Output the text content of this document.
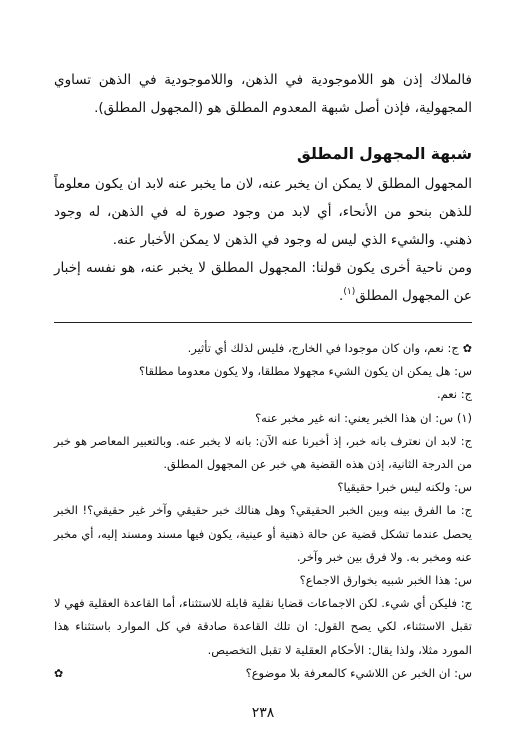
فالملاك إذن هو اللاموجودية في الذهن، واللاموجودية في الذهن تساوي المجهولية، فإذن أصل شبهة المعدوم المطلق هو (المجهول المطلق).

شبهة المجهول المطلق

المجهول المطلق لا يمكن ان يخبر عنه، لان ما يخبر عنه لابد ان يكون معلوماً للذهن بنحو من الأنحاء، أي لابد من وجود صورة له في الذهن، له وجود ذهني. والشيء الذي ليس له وجود في الذهن لا يمكن الأخبار عنه.

ومن ناحية أخرى يكون قولنا: المجهول المطلق لا يخبر عنه، هو نفسه إخبار عن المجهول المطلق$^{(١)}$.

✿ج: نعم، وان كان موجودا في الخارج، فليس لذلك أي تأثير.

س: هل يمكن ان يكون الشيء مجهولا مطلقا، ولا يكون معدوما مطلقا؟

ج: نعم.

(١) س: ان هذا الخبر يعني: انه غير مخبر عنه؟

ج: لابد ان نعترف بانه خبر، إذ أخبرنا عنه الآن: بانه لا يخبر عنه. وبالتعبير المعاصر هو خبر من الدرجة الثانية، إذن هذه القضية هي خبر عن المجهول المطلق.

س: ولكنه ليس خبرا حقيقيا؟

ج: ما الفرق بينه وبين الخبر الحقيقي؟ وهل هنالك خبر حقيقي وآخر غير حقيقي؟! الخبر يحصل عندما تشكل قضية عن حالة ذهنية أو عينية، يكون فيها مسند ومسند إليه، أي مخبر عنه ومخبر به. ولا فرق بين خبر وآخر.

س: هذا الخبر شبيه بخوارق الاجماع؟

ج: فليكن أي شيء. لكن الاجماعات قضايا نقلية قابلة للاستثناء، أما القاعدة العقلية فهي لا تقبل الاستثناء، لكي يصح القول: ان تلك القاعدة صادقة في كل الموارد باستثناء هذا المورد مثلا، ولذا يقال: الأحكام العقلية لا تقبل التخصيص.

س: ان الخبر عن اللاشيء كالمعرفة بلا موضوع؟
✿

٢٣٨
